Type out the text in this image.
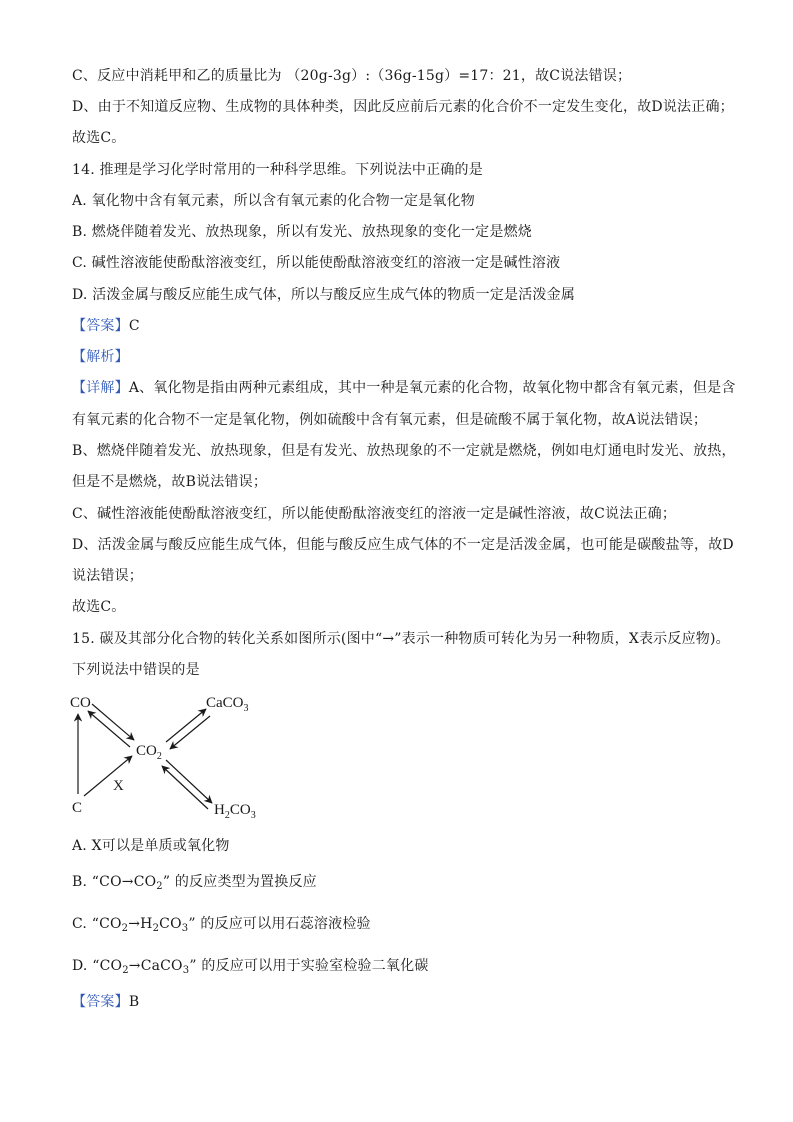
C、反应中消耗甲和乙的质量比为 （20g-3g）:（36g-15g）=17：21，故C说法错误；
D、由于不知道反应物、生成物的具体种类，因此反应前后元素的化合价不一定发生变化，故D说法正确；
故选C。
14. 推理是学习化学时常用的一种科学思维。下列说法中正确的是
A. 氧化物中含有氧元素，所以含有氧元素的化合物一定是氧化物
B. 燃烧伴随着发光、放热现象，所以有发光、放热现象的变化一定是燃烧
C. 碱性溶液能使酚酞溶液变红，所以能使酚酞溶液变红的溶液一定是碱性溶液
D. 活泼金属与酸反应能生成气体，所以与酸反应生成气体的物质一定是活泼金属
【答案】C
【解析】
【详解】A、氧化物是指由两种元素组成，其中一种是氧元素的化合物，故氧化物中都含有氧元素，但是含
有氧元素的化合物不一定是氧化物，例如硫酸中含有氧元素，但是硫酸不属于氧化物，故A说法错误；
B、燃烧伴随着发光、放热现象，但是有发光、放热现象的不一定就是燃烧，例如电灯通电时发光、放热，
但是不是燃烧，故B说法错误；
C、碱性溶液能使酚酞溶液变红，所以能使酚酞溶液变红的溶液一定是碱性溶液，故C说法正确；
D、活泼金属与酸反应能生成气体，但能与酸反应生成气体的不一定是活泼金属，也可能是碳酸盐等，故D
说法错误；
故选C。
15. 碳及其部分化合物的转化关系如图所示(图中“→”表示一种物质可转化为另一种物质，X表示反应物)。
下列说法中错误的是
CO	CaCO$_3$
$CO_2$
C
X
$H_2CO_3$
A. X可以是单质或氧化物
B. “$CO\to CO_2$” 的反应类型为置换反应
C. “$CO_2\to H_2CO_3$” 的反应可以用石蕊溶液检验
D. “$CO_2\to CaCO_3$” 的反应可以用于实验室检验二氧化碳
【答案】B
